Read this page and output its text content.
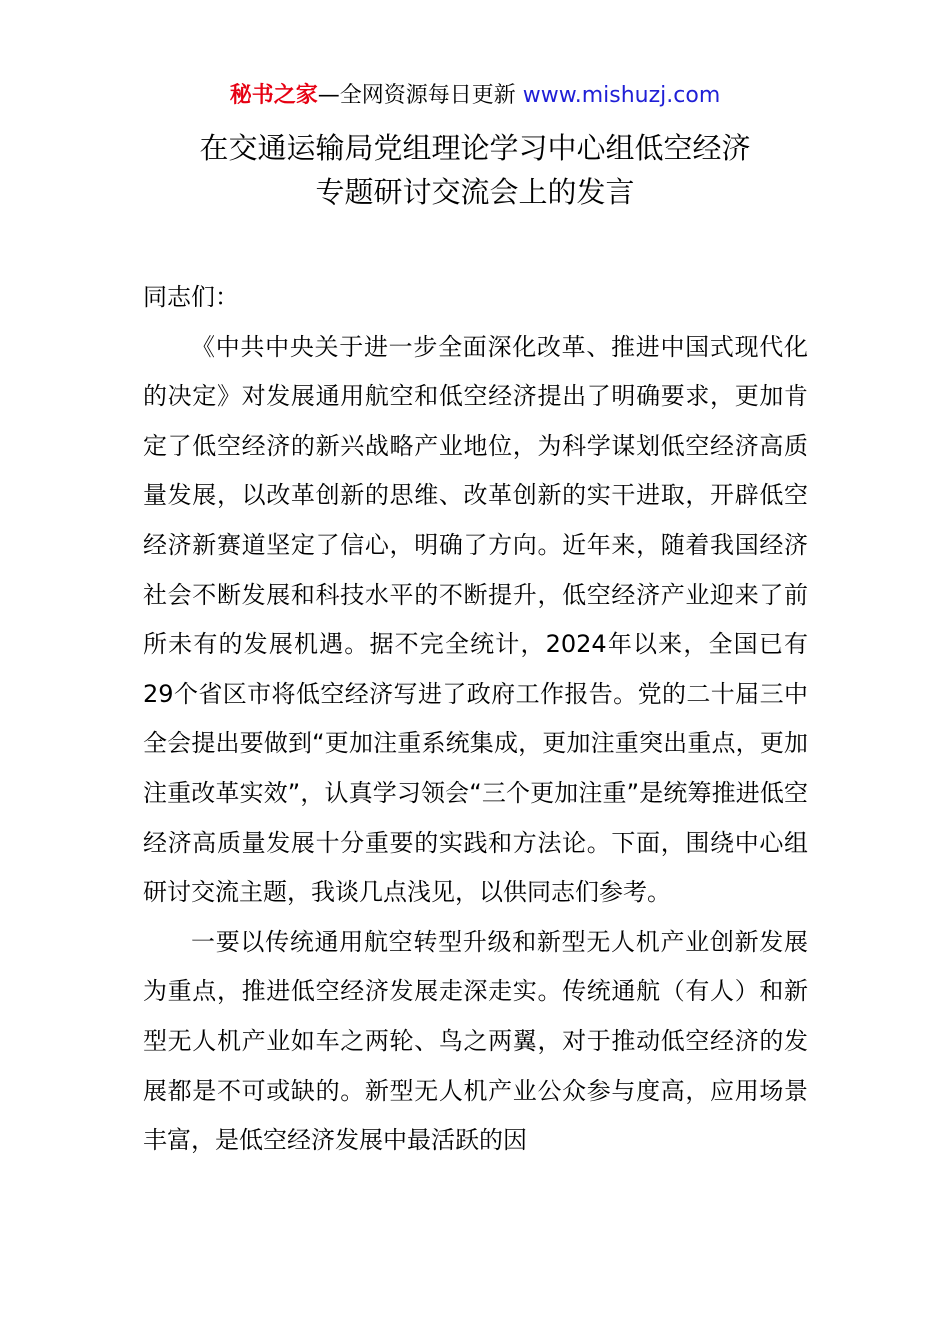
秘书之家—全网资源每日更新 www.mishuzj.com
在交通运输局党组理论学习中心组低空经济
专题研讨交流会上的发言

同志们：

《中共中央关于进一步全面深化改革、推进中国式现代化的决定》对发展通用航空和低空经济提出了明确要求，更加肯定了低空经济的新兴战略产业地位，为科学谋划低空经济高质量发展，以改革创新的思维、改革创新的实干进取，开辟低空经济新赛道坚定了信心，明确了方向。近年来，随着我国经济社会不断发展和科技水平的不断提升，低空经济产业迎来了前所未有的发展机遇。据不完全统计，2024年以来，全国已有29个省区市将低空经济写进了政府工作报告。党的二十届三中全会提出要做到“更加注重系统集成，更加注重突出重点，更加注重改革实效”，认真学习领会“三个更加注重”是统筹推进低空经济高质量发展十分重要的实践和方法论。下面，围绕中心组研讨交流主题，我谈几点浅见，以供同志们参考。

一要以传统通用航空转型升级和新型无人机产业创新发展为重点，推进低空经济发展走深走实。传统通航（有人）和新型无人机产业如车之两轮、鸟之两翼，对于推动低空经济的发展都是不可或缺的。新型无人机产业公众参与度高，应用场景丰富，是低空经济发展中最活跃的因
